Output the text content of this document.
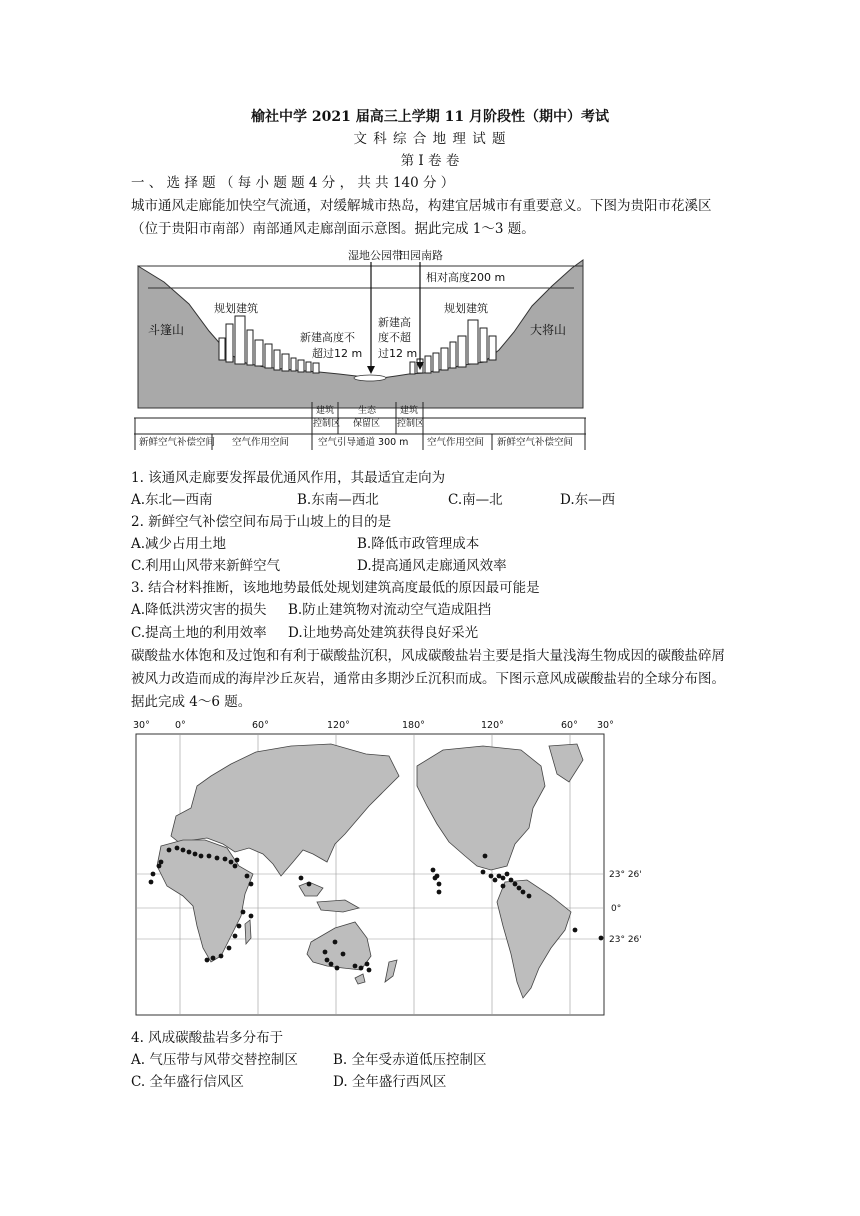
榆社中学 2021 届高三上学期 11 月阶段性（期中）考试
文 科 综 合 地 理 试 题
第 I 卷 卷
一 、 选 择 题 （ 每 小 题 题 4 分 ， 共 共 140 分 ）
城市通风走廊能加快空气流通，对缓解城市热岛，构建宜居城市有重要意义。下图为贵阳市花溪区（位于贵阳市南部）南部通风走廊剖面示意图。据此完成 1～3 题。
湿地公园带
田园南路
相对高度200 m
斗篷山	大将山
规划建筑	规划建筑
新建高度不
超过12 m
新建高
度不超
过12 m
建筑
控制区
生态
保留区
建筑
控制区
新鲜空气补偿空间 空气作用空间	空气引导通道 300 m 空气作用空间 新鲜空气补偿空间
1. 该通风走廊要发挥最优通风作用，其最适宜走向为
A.东北—西南	B.东南—西北	C.南—北	D.东—西
2. 新鲜空气补偿空间布局于山坡上的目的是
A.减少占用土地	B.降低市政管理成本
C.利用山风带来新鲜空气	D.提高通风走廊通风效率
3. 结合材料推断，该地地势最低处规划建筑高度最低的原因最可能是
A.降低洪涝灾害的损失 B.防止建筑物对流动空气造成阻挡
C.提高土地的利用效率 D.让地势高处建筑获得良好采光
碳酸盐水体饱和及过饱和有利于碳酸盐沉积，风成碳酸盐岩主要是指大量浅海生物成因的碳酸盐碎屑被风力改造而成的海岸沙丘灰岩，通常由多期沙丘沉积而成。下图示意风成碳酸盐岩的全球分布图。据此完成 4～6 题。
30°	0°	60°	120°	180°	120°	60° 30°
23° 26'
0°
23° 26'
4. 风成碳酸盐岩多分布于
A. 气压带与风带交替控制区	B. 全年受赤道低压控制区
C. 全年盛行信风区	D. 全年盛行西风区
